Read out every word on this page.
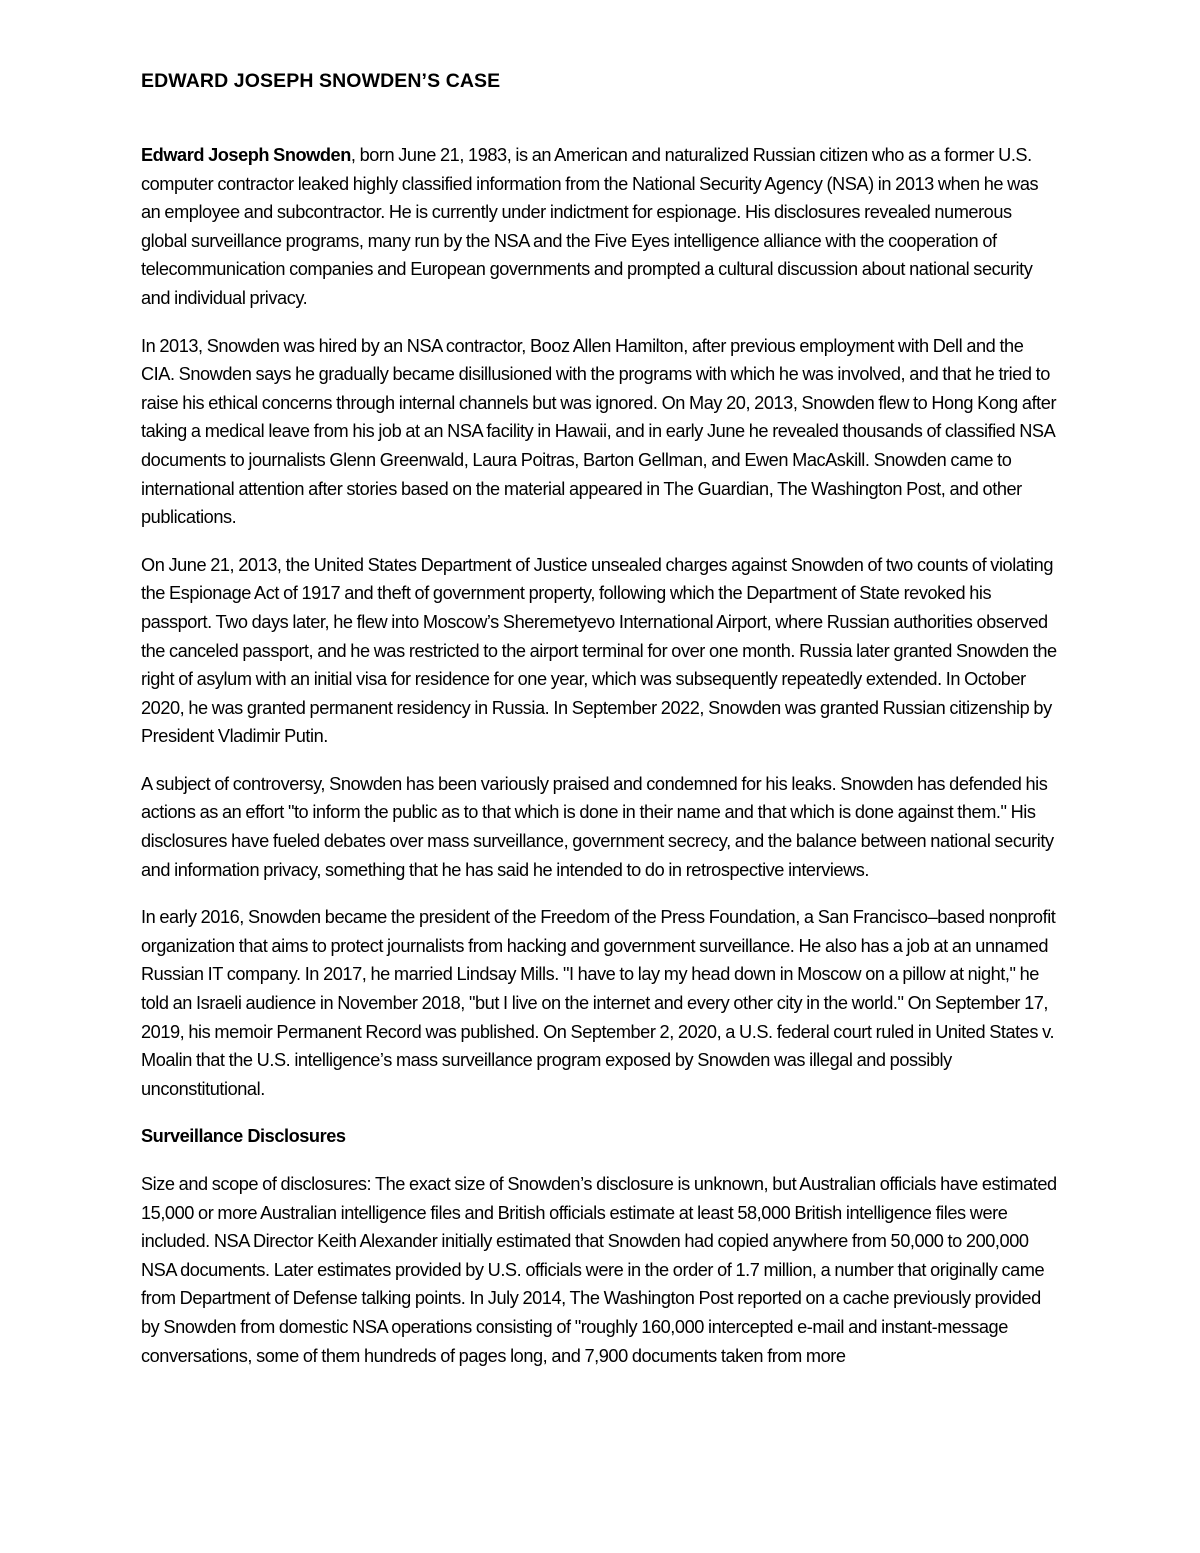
EDWARD JOSEPH SNOWDEN’S CASE

Edward Joseph Snowden, born June 21, 1983, is an American and naturalized Russian citizen who as a former U.S. computer contractor leaked highly classified information from the National Security Agency (NSA) in 2013 when he was an employee and subcontractor. He is currently under indictment for espionage. His disclosures revealed numerous global surveillance programs, many run by the NSA and the Five Eyes intelligence alliance with the cooperation of telecommunication companies and European governments and prompted a cultural discussion about national security and individual privacy.

In 2013, Snowden was hired by an NSA contractor, Booz Allen Hamilton, after previous employment with Dell and the CIA. Snowden says he gradually became disillusioned with the programs with which he was involved, and that he tried to raise his ethical concerns through internal channels but was ignored. On May 20, 2013, Snowden flew to Hong Kong after taking a medical leave from his job at an NSA facility in Hawaii, and in early June he revealed thousands of classified NSA documents to journalists Glenn Greenwald, Laura Poitras, Barton Gellman, and Ewen MacAskill. Snowden came to international attention after stories based on the material appeared in The Guardian, The Washington Post, and other publications.

On June 21, 2013, the United States Department of Justice unsealed charges against Snowden of two counts of violating the Espionage Act of 1917 and theft of government property, following which the Department of State revoked his passport. Two days later, he flew into Moscow’s Sheremetyevo International Airport, where Russian authorities observed the canceled passport, and he was restricted to the airport terminal for over one month. Russia later granted Snowden the right of asylum with an initial visa for residence for one year, which was subsequently repeatedly extended. In October 2020, he was granted permanent residency in Russia. In September 2022, Snowden was granted Russian citizenship by President Vladimir Putin.

A subject of controversy, Snowden has been variously praised and condemned for his leaks. Snowden has defended his actions as an effort "to inform the public as to that which is done in their name and that which is done against them." His disclosures have fueled debates over mass surveillance, government secrecy, and the balance between national security and information privacy, something that he has said he intended to do in retrospective interviews.

In early 2016, Snowden became the president of the Freedom of the Press Foundation, a San Francisco–based nonprofit organization that aims to protect journalists from hacking and government surveillance. He also has a job at an unnamed Russian IT company. In 2017, he married Lindsay Mills. "I have to lay my head down in Moscow on a pillow at night," he told an Israeli audience in November 2018, "but I live on the internet and every other city in the world." On September 17, 2019, his memoir Permanent Record was published. On September 2, 2020, a U.S. federal court ruled in United States v. Moalin that the U.S. intelligence’s mass surveillance program exposed by Snowden was illegal and possibly unconstitutional.

Surveillance Disclosures

Size and scope of disclosures: The exact size of Snowden’s disclosure is unknown, but Australian officials have estimated 15,000 or more Australian intelligence files and British officials estimate at least 58,000 British intelligence files were included. NSA Director Keith Alexander initially estimated that Snowden had copied anywhere from 50,000 to 200,000 NSA documents. Later estimates provided by U.S. officials were in the order of 1.7 million, a number that originally came from Department of Defense talking points. In July 2014, The Washington Post reported on a cache previously provided by Snowden from domestic NSA operations consisting of "roughly 160,000 intercepted e-mail and instant-message conversations, some of them hundreds of pages long, and 7,900 documents taken from more
